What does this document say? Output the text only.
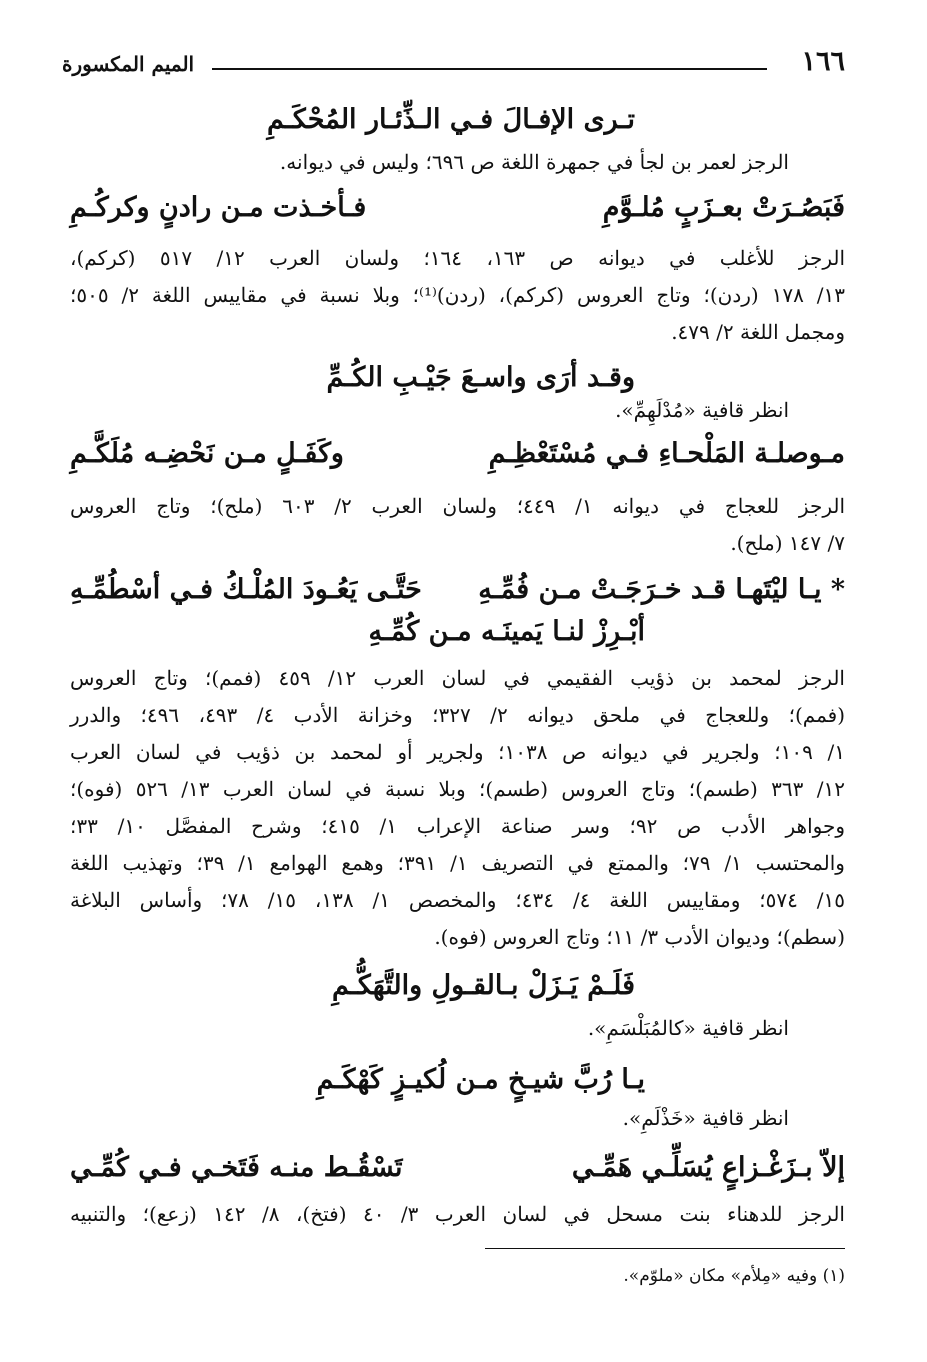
١٦٦
الميم المكسورة
تـرى الإفـالَ فـي الـذِّئـار المُحْكَـمِ
الرجز لعمر بن لجأ في جمهرة اللغة ص ٦٩٦؛ وليس في ديوانه.
فَبَصُـرَتْ بعـزَبٍ مُلـوَّمِ
فـأخـذت مـن رادنٍ وكركُـمِ
الرجز للأغلب في ديوانه ص ١٦٣، ١٦٤؛ ولسان العرب ١٢/ ٥١٧ (كركم)،
١٣/ ١٧٨ (ردن)؛ وتاج العروس (كركم)، (ردن)⁽¹⁾؛ وبلا نسبة في مقاييس اللغة ٢/ ٥٠٥؛
ومجمل اللغة ٢/ ٤٧٩.
وقـد أرَى واسـعَ جَيْـبِ الكُـمِّ
انظر قافية «مُدْلَهِمِّ».
مـوصلـة المَلْحـاءِ فـي مُسْتَعْظِـمِ
وكَفَـلٍ مـن نَحْضِـه مُلَكَّـمِ
الرجز للعجاج في ديوانه ١/ ٤٤٩؛ ولسان العرب ٢/ ٦٠٣ (ملح)؛ وتاج العروس
٧/ ١٤٧ (ملح).
* يـا ليْتَهـا قـد خـرَجَـتْ مـن فُمِّـهِ
حَتَّـى يَعُـودَ المُلْـكُ فـي أسْطُمِّـهِ
أبْـرِزْ لنـا يَمينَـه مـن كُمِّـهِ
الرجز لمحمد بن ذؤيب الفقيمي في لسان العرب ١٢/ ٤٥٩ (فمم)؛ وتاج العروس
(فمم)؛ وللعجاج في ملحق ديوانه ٢/ ٣٢٧؛ وخزانة الأدب ٤/ ٤٩٣، ٤٩٦؛ والدرر
١/ ١٠٩؛ ولجرير في ديوانه ص ١٠٣٨؛ ولجرير أو لمحمد بن ذؤيب في لسان العرب
١٢/ ٣٦٣ (طسم)؛ وتاج العروس (طسم)؛ وبلا نسبة في لسان العرب ١٣/ ٥٢٦ (فوه)؛
وجواهر الأدب ص ٩٢؛ وسر صناعة الإعراب ١/ ٤١٥؛ وشرح المفصَّل ١٠/ ٣٣؛
والمحتسب ١/ ٧٩؛ والممتع في التصريف ١/ ٣٩١؛ وهمع الهوامع ١/ ٣٩؛ وتهذيب اللغة
١٥/ ٥٧٤؛ ومقاييس اللغة ٤/ ٤٣٤؛ والمخصص ١/ ١٣٨، ١٥/ ٧٨؛ وأساس البلاغة
(سطم)؛ وديوان الأدب ٣/ ١١؛ وتاج العروس (فوه).
فَلَـمْ يَـزَلْ بـالقـولِ والتَّهَكُّـمِ
انظر قافية «كالمُبَلْسَمِ».
يـا رُبَّ شيـخٍ مـن لُكيـزٍ كَهْكَـمِ
انظر قافية «خَذْلَمِ».
إلاّ بـزَغْـزاعٍ يُسَلِّـي هَمِّـي
تَسْقُـط منـه فَتَخـي فـي كُمِّـي
الرجز للدهناء بنت مسحل في لسان العرب ٣/ ٤٠ (فتخ)، ٨/ ١٤٢ (زعع)؛ والتنبيه
(١) وفيه «مِلأم» مكان «ملوّم».
